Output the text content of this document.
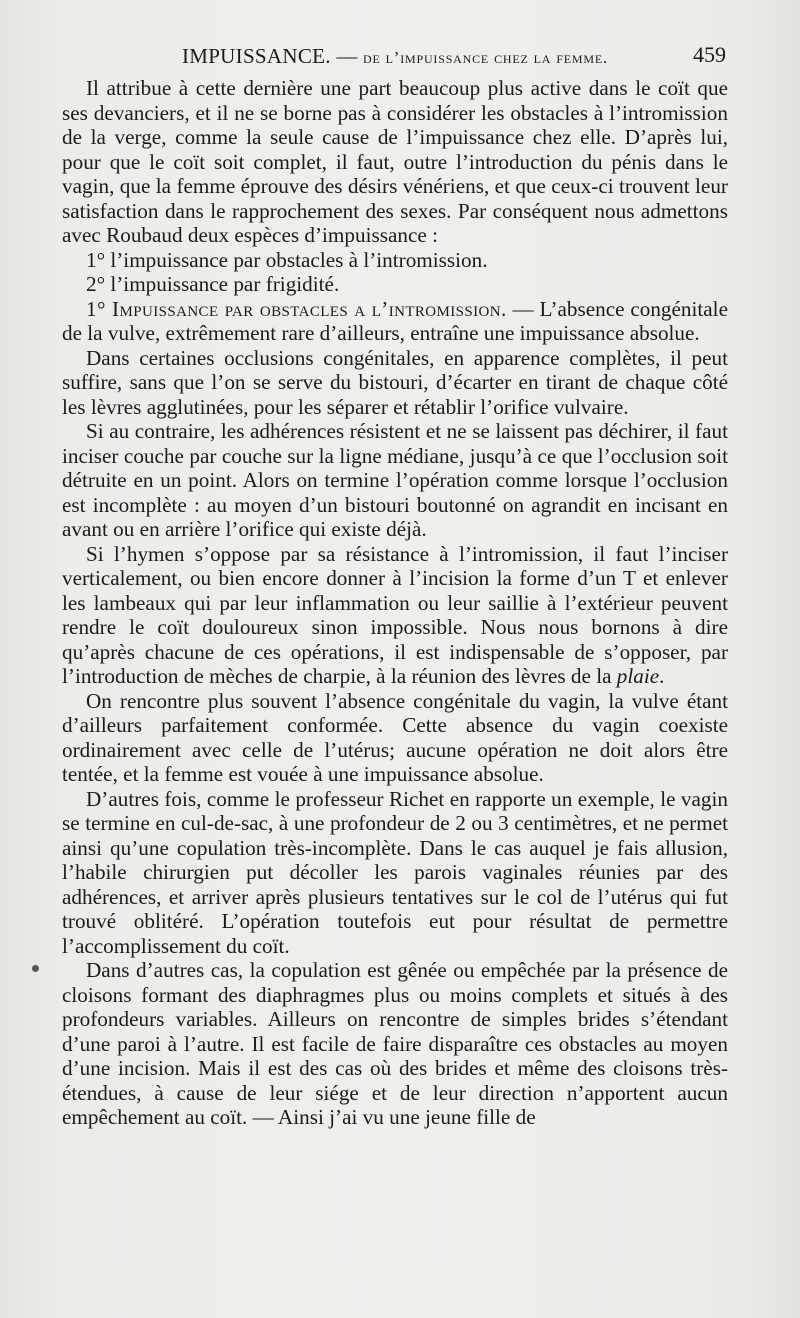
IMPUISSANCE. — de l’impuissance chez la femme.	459

Il attribue à cette dernière une part beaucoup plus active dans le coït que ses devanciers, et il ne se borne pas à considérer les obstacles à l’intromission de la verge, comme la seule cause de l’impuissance chez elle. D’après lui, pour que le coït soit complet, il faut, outre l’introduction du pénis dans le vagin, que la femme éprouve des désirs vénériens, et que ceux-ci trouvent leur satisfaction dans le rapprochement des sexes. Par conséquent nous admettons avec Roubaud deux espèces d’impuissance :

1° l’impuissance par obstacles à l’intromission.

2° l’impuissance par frigidité.

1° Impuissance par obstacles a l’intromission. — L’absence congénitale de la vulve, extrêmement rare d’ailleurs, entraîne une impuissance absolue.

Dans certaines occlusions congénitales, en apparence complètes, il peut suffire, sans que l’on se serve du bistouri, d’écarter en tirant de chaque côté les lèvres agglutinées, pour les séparer et rétablir l’orifice vulvaire.

Si au contraire, les adhérences résistent et ne se laissent pas déchirer, il faut inciser couche par couche sur la ligne médiane, jusqu’à ce que l’occlusion soit détruite en un point. Alors on termine l’opération comme lorsque l’occlusion est incomplète : au moyen d’un bistouri boutonné on agrandit en incisant en avant ou en arrière l’orifice qui existe déjà.

Si l’hymen s’oppose par sa résistance à l’intromission, il faut l’inciser verticalement, ou bien encore donner à l’incision la forme d’un T et enlever les lambeaux qui par leur inflammation ou leur saillie à l’extérieur peuvent rendre le coït douloureux sinon impossible. Nous nous bornons à dire qu’après chacune de ces opérations, il est indispensable de s’opposer, par l’introduction de mèches de charpie, à la réunion des lèvres de la plaie.

On rencontre plus souvent l’absence congénitale du vagin, la vulve étant d’ailleurs parfaitement conformée. Cette absence du vagin coexiste ordinairement avec celle de l’utérus; aucune opération ne doit alors être tentée, et la femme est vouée à une impuissance absolue.

D’autres fois, comme le professeur Richet en rapporte un exemple, le vagin se termine en cul-de-sac, à une profondeur de 2 ou 3 centimètres, et ne permet ainsi qu’une copulation très-incomplète. Dans le cas auquel je fais allusion, l’habile chirurgien put décoller les parois vaginales réunies par des adhérences, et arriver après plusieurs tentatives sur le col de l’utérus qui fut trouvé oblitéré. L’opération toutefois eut pour résultat de permettre l’accomplissement du coït.

Dans d’autres cas, la copulation est gênée ou empêchée par la présence de cloisons formant des diaphragmes plus ou moins complets et situés à des profondeurs variables. Ailleurs on rencontre de simples brides s’étendant d’une paroi à l’autre. Il est facile de faire disparaître ces obstacles au moyen d’une incision. Mais il est des cas où des brides et même des cloisons très-étendues, à cause de leur siége et de leur direction n’apportent aucun empêchement au coït. — Ainsi j’ai vu une jeune fille de
